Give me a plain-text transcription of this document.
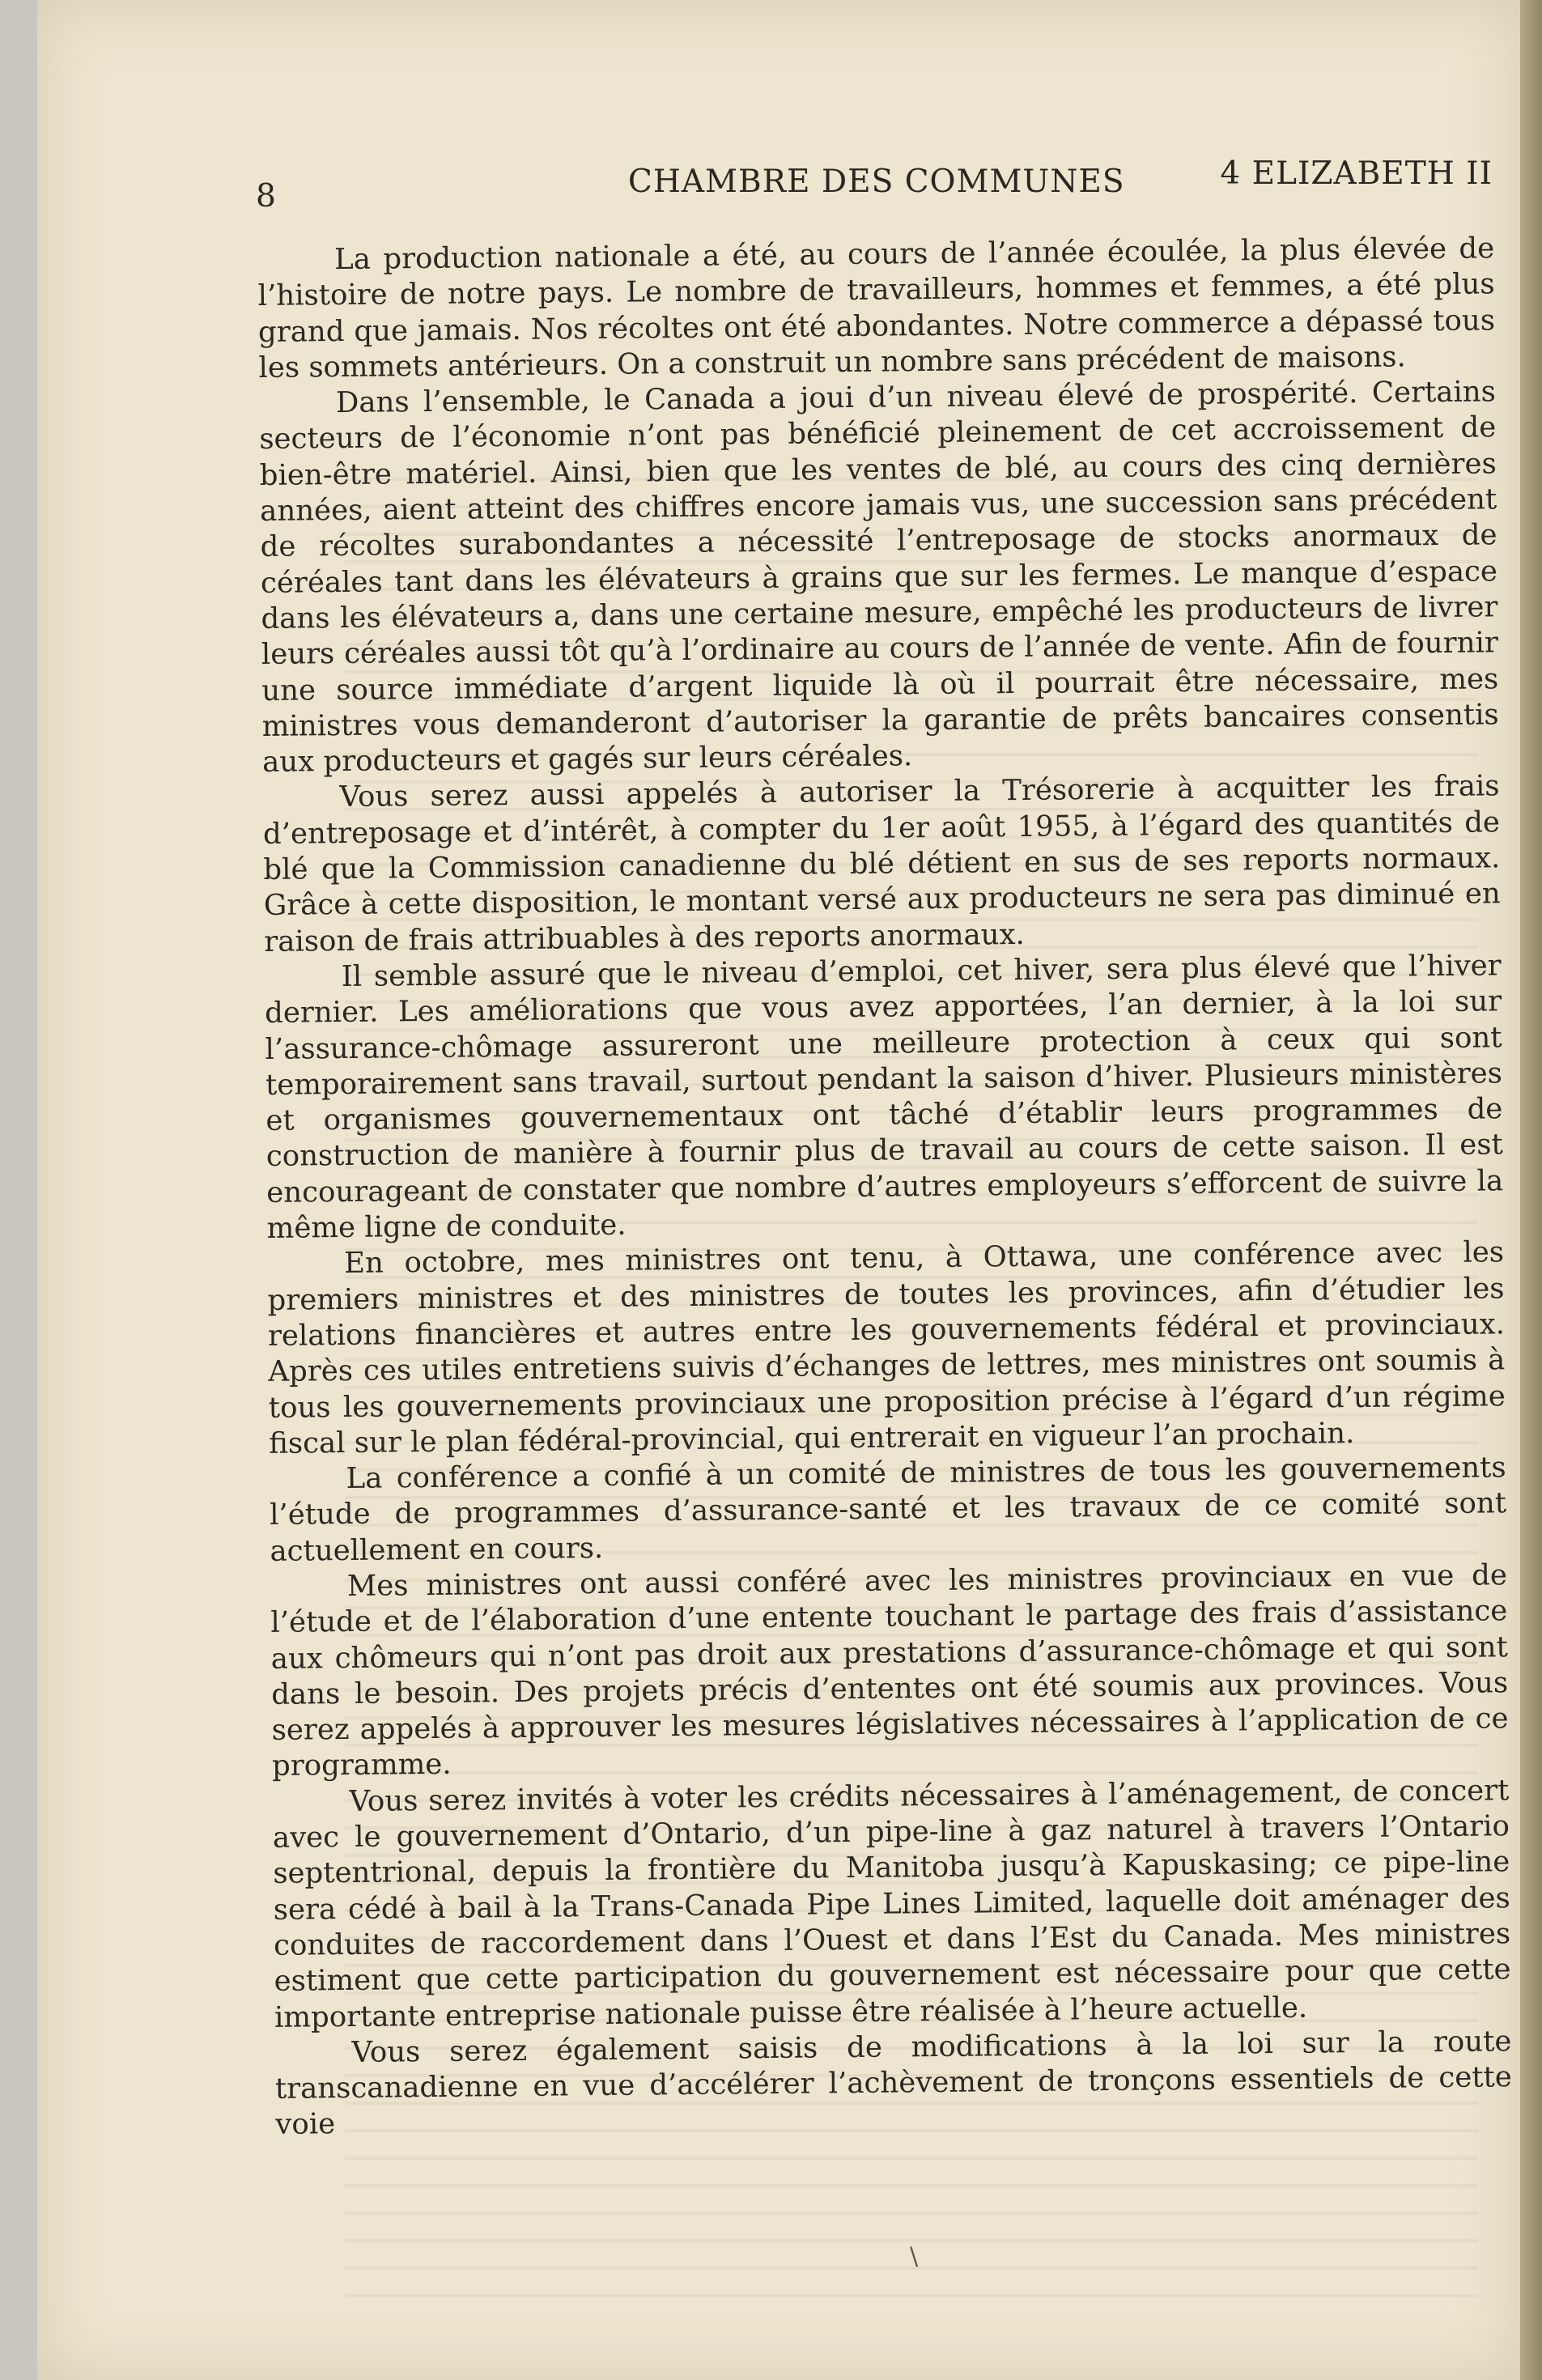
8	CHAMBRE DES COMMUNES	4 ELIZABETH II

La production nationale a été, au cours de l’année écoulée, la plus élevée de l’histoire de notre pays. Le nombre de travailleurs, hommes et femmes, a été plus grand que jamais. Nos récoltes ont été abondantes. Notre commerce a dépassé tous les sommets antérieurs. On a construit un nombre sans précédent de maisons.

Dans l’ensemble, le Canada a joui d’un niveau élevé de prospérité. Certains secteurs de l’économie n’ont pas bénéficié pleinement de cet accroissement de bien-être matériel. Ainsi, bien que les ventes de blé, au cours des cinq dernières années, aient atteint des chiffres encore jamais vus, une succession sans précédent de récoltes surabondantes a nécessité l’entreposage de stocks anormaux de céréales tant dans les élévateurs à grains que sur les fermes. Le manque d’espace dans les élévateurs a, dans une certaine mesure, empêché les producteurs de livrer leurs céréales aussi tôt qu’à l’ordinaire au cours de l’année de vente. Afin de fournir une source immédiate d’argent liquide là où il pourrait être nécessaire, mes ministres vous demanderont d’autoriser la garantie de prêts bancaires consentis aux producteurs et gagés sur leurs céréales.

Vous serez aussi appelés à autoriser la Trésorerie à acquitter les frais d’entreposage et d’intérêt, à compter du 1er août 1955, à l’égard des quantités de blé que la Commission canadienne du blé détient en sus de ses reports normaux. Grâce à cette disposition, le montant versé aux producteurs ne sera pas diminué en raison de frais attribuables à des reports anormaux.

Il semble assuré que le niveau d’emploi, cet hiver, sera plus élevé que l’hiver dernier. Les améliorations que vous avez apportées, l’an dernier, à la loi sur l’assurance-chômage assureront une meilleure protection à ceux qui sont temporairement sans travail, surtout pendant la saison d’hiver. Plusieurs ministères et organismes gouvernementaux ont tâché d’établir leurs programmes de construction de manière à fournir plus de travail au cours de cette saison. Il est encourageant de constater que nombre d’autres employeurs s’efforcent de suivre la même ligne de conduite.

En octobre, mes ministres ont tenu, à Ottawa, une conférence avec les premiers ministres et des ministres de toutes les provinces, afin d’étudier les relations financières et autres entre les gouvernements fédéral et provinciaux. Après ces utiles entretiens suivis d’échanges de lettres, mes ministres ont soumis à tous les gouvernements provinciaux une proposition précise à l’égard d’un régime fiscal sur le plan fédéral-provincial, qui entrerait en vigueur l’an prochain.

La conférence a confié à un comité de ministres de tous les gouvernements l’étude de programmes d’assurance-santé et les travaux de ce comité sont actuellement en cours.

Mes ministres ont aussi conféré avec les ministres provinciaux en vue de l’étude et de l’élaboration d’une entente touchant le partage des frais d’assistance aux chômeurs qui n’ont pas droit aux prestations d’assurance-chômage et qui sont dans le besoin. Des projets précis d’ententes ont été soumis aux provinces. Vous serez appelés à approuver les mesures législatives nécessaires à l’application de ce programme.

Vous serez invités à voter les crédits nécessaires à l’aménagement, de concert avec le gouvernement d’Ontario, d’un pipe-line à gaz naturel à travers l’Ontario septentrional, depuis la frontière du Manitoba jusqu’à Kapuskasing; ce pipe-line sera cédé à bail à la Trans-Canada Pipe Lines Limited, laquelle doit aménager des conduites de raccordement dans l’Ouest et dans l’Est du Canada. Mes ministres estiment que cette participation du gouvernement est nécessaire pour que cette importante entreprise nationale puisse être réalisée à l’heure actuelle.

Vous serez également saisis de modifications à la loi sur la route transcanadienne en vue d’accélérer l’achèvement de tronçons essentiels de cette voie

\
